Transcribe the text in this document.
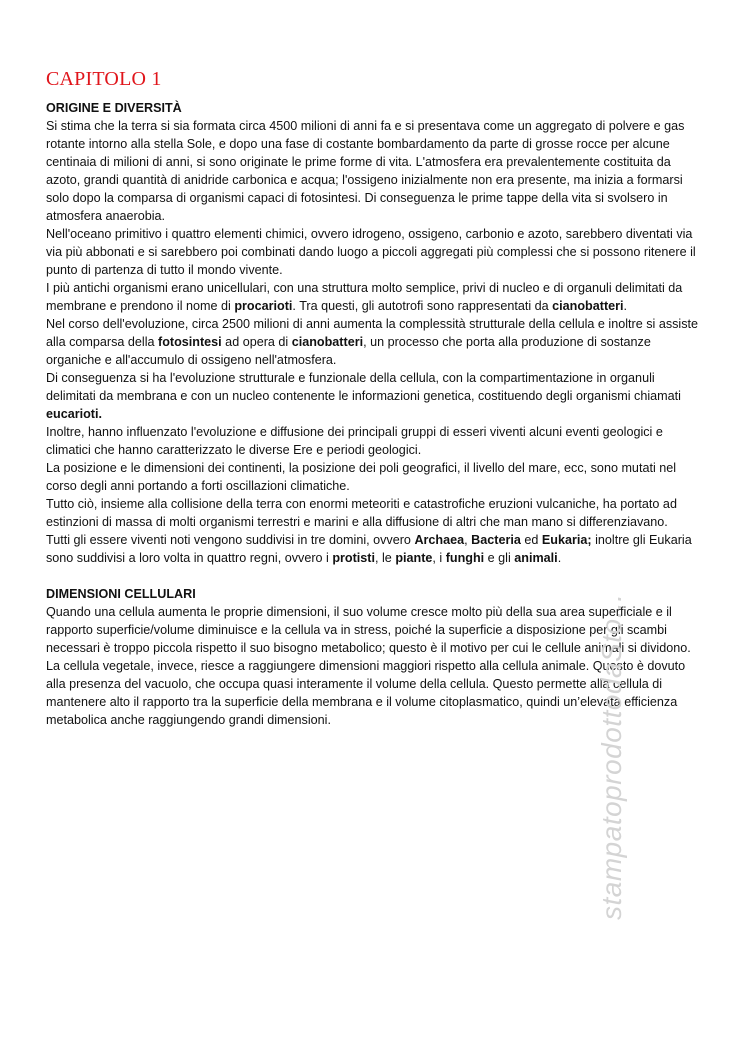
CAPITOLO 1
ORIGINE E DIVERSITÀ

Si stima che la terra si sia formata circa 4500 milioni di anni fa e si presentava come un aggregato di polvere e gas rotante intorno alla stella Sole, e dopo una fase di costante bombardamento da parte di grosse rocce per alcune centinaia di milioni di anni, si sono originate le prime forme di vita. L'atmosfera era prevalentemente costituita da azoto, grandi quantità di anidride carbonica e acqua; l'ossigeno inizialmente non era presente, ma inizia a formarsi solo dopo la comparsa di organismi capaci di fotosintesi. Di conseguenza le prime tappe della vita si svolsero in atmosfera anaerobia.

Nell'oceano primitivo i quattro elementi chimici, ovvero idrogeno, ossigeno, carbonio e azoto, sarebbero diventati via via più abbonati e si sarebbero poi combinati dando luogo a piccoli aggregati più complessi che si possono ritenere il punto di partenza di tutto il mondo vivente.

I più antichi organismi erano unicellulari, con una struttura molto semplice, privi di nucleo e di organuli delimitati da membrane e prendono il nome di procarioti. Tra questi, gli autotrofi sono rappresentati da cianobatteri.

Nel corso dell'evoluzione, circa 2500 milioni di anni aumenta la complessità strutturale della cellula e inoltre si assiste alla comparsa della fotosintesi ad opera di cianobatteri, un processo che porta alla produzione di sostanze organiche e all'accumulo di ossigeno nell'atmosfera.

Di conseguenza si ha l'evoluzione strutturale e funzionale della cellula, con la compartimentazione in organuli delimitati da membrana e con un nucleo contenente le informazioni genetica, costituendo degli organismi chiamati eucarioti.

Inoltre, hanno influenzato l'evoluzione e diffusione dei principali gruppi di esseri viventi alcuni eventi geologici e climatici che hanno caratterizzato le diverse Ere e periodi geologici.

La posizione e le dimensioni dei continenti, la posizione dei poli geografici, il livello del mare, ecc, sono mutati nel corso degli anni portando a forti oscillazioni climatiche.

Tutto ciò, insieme alla collisione della terra con enormi meteoriti e catastrofiche eruzioni vulcaniche, ha portato ad estinzioni di massa di molti organismi terrestri e marini e alla diffusione di altri che man mano si differenziavano.

Tutti gli essere viventi noti vengono suddivisi in tre domini, ovvero Archaea, Bacteria ed Eukaria; inoltre gli Eukaria sono suddivisi a loro volta in quattro regni, ovvero i protisti, le piante, i funghi e gli animali.

DIMENSIONI CELLULARI

Quando una cellula aumenta le proprie dimensioni, il suo volume cresce molto più della sua area superficiale e il rapporto superficie/volume diminuisce e la cellula va in stress, poiché la superficie a disposizione per gli scambi necessari è troppo piccola rispetto il suo bisogno metabolico; questo è il motivo per cui le cellule animali si dividono.

La cellula vegetale, invece, riesce a raggiungere dimensioni maggiori rispetto alla cellula animale. Questo è dovuto alla presenza del vacuolo, che occupa quasi interamente il volume della cellula. Questo permette alla cellula di mantenere alto il rapporto tra la superficie della membrana e il volume citoplasmatico, quindi un’elevata efficienza metabolica anche raggiungendo grandi dimensioni.	stampatoprodottodaSto...
